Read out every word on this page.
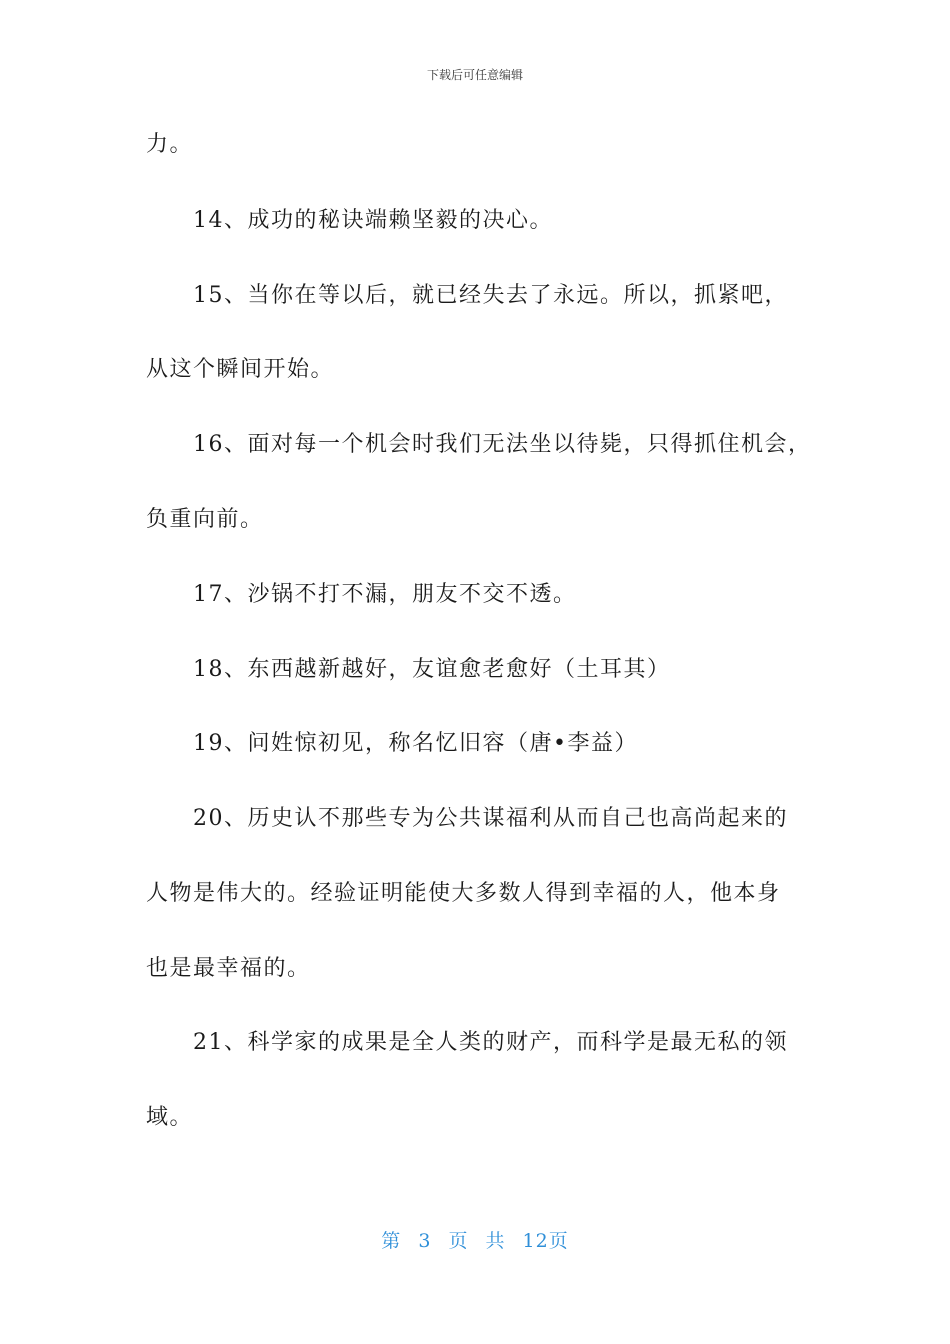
下载后可任意编辑
力。
14、成功的秘诀端赖坚毅的决心。
15、当你在等以后，就已经失去了永远。所以，抓紧吧，
从这个瞬间开始。
16、面对每一个机会时我们无法坐以待毙，只得抓住机会，
负重向前。
17、沙锅不打不漏，朋友不交不透。
18、东西越新越好，友谊愈老愈好（土耳其）
19、问姓惊初见，称名忆旧容（唐•李益）
20、历史认不那些专为公共谋福利从而自己也高尚起来的
人物是伟大的。经验证明能使大多数人得到幸福的人，他本身
也是最幸福的。
21、科学家的成果是全人类的财产，而科学是最无私的领
域。
第 3 页 共 12页
